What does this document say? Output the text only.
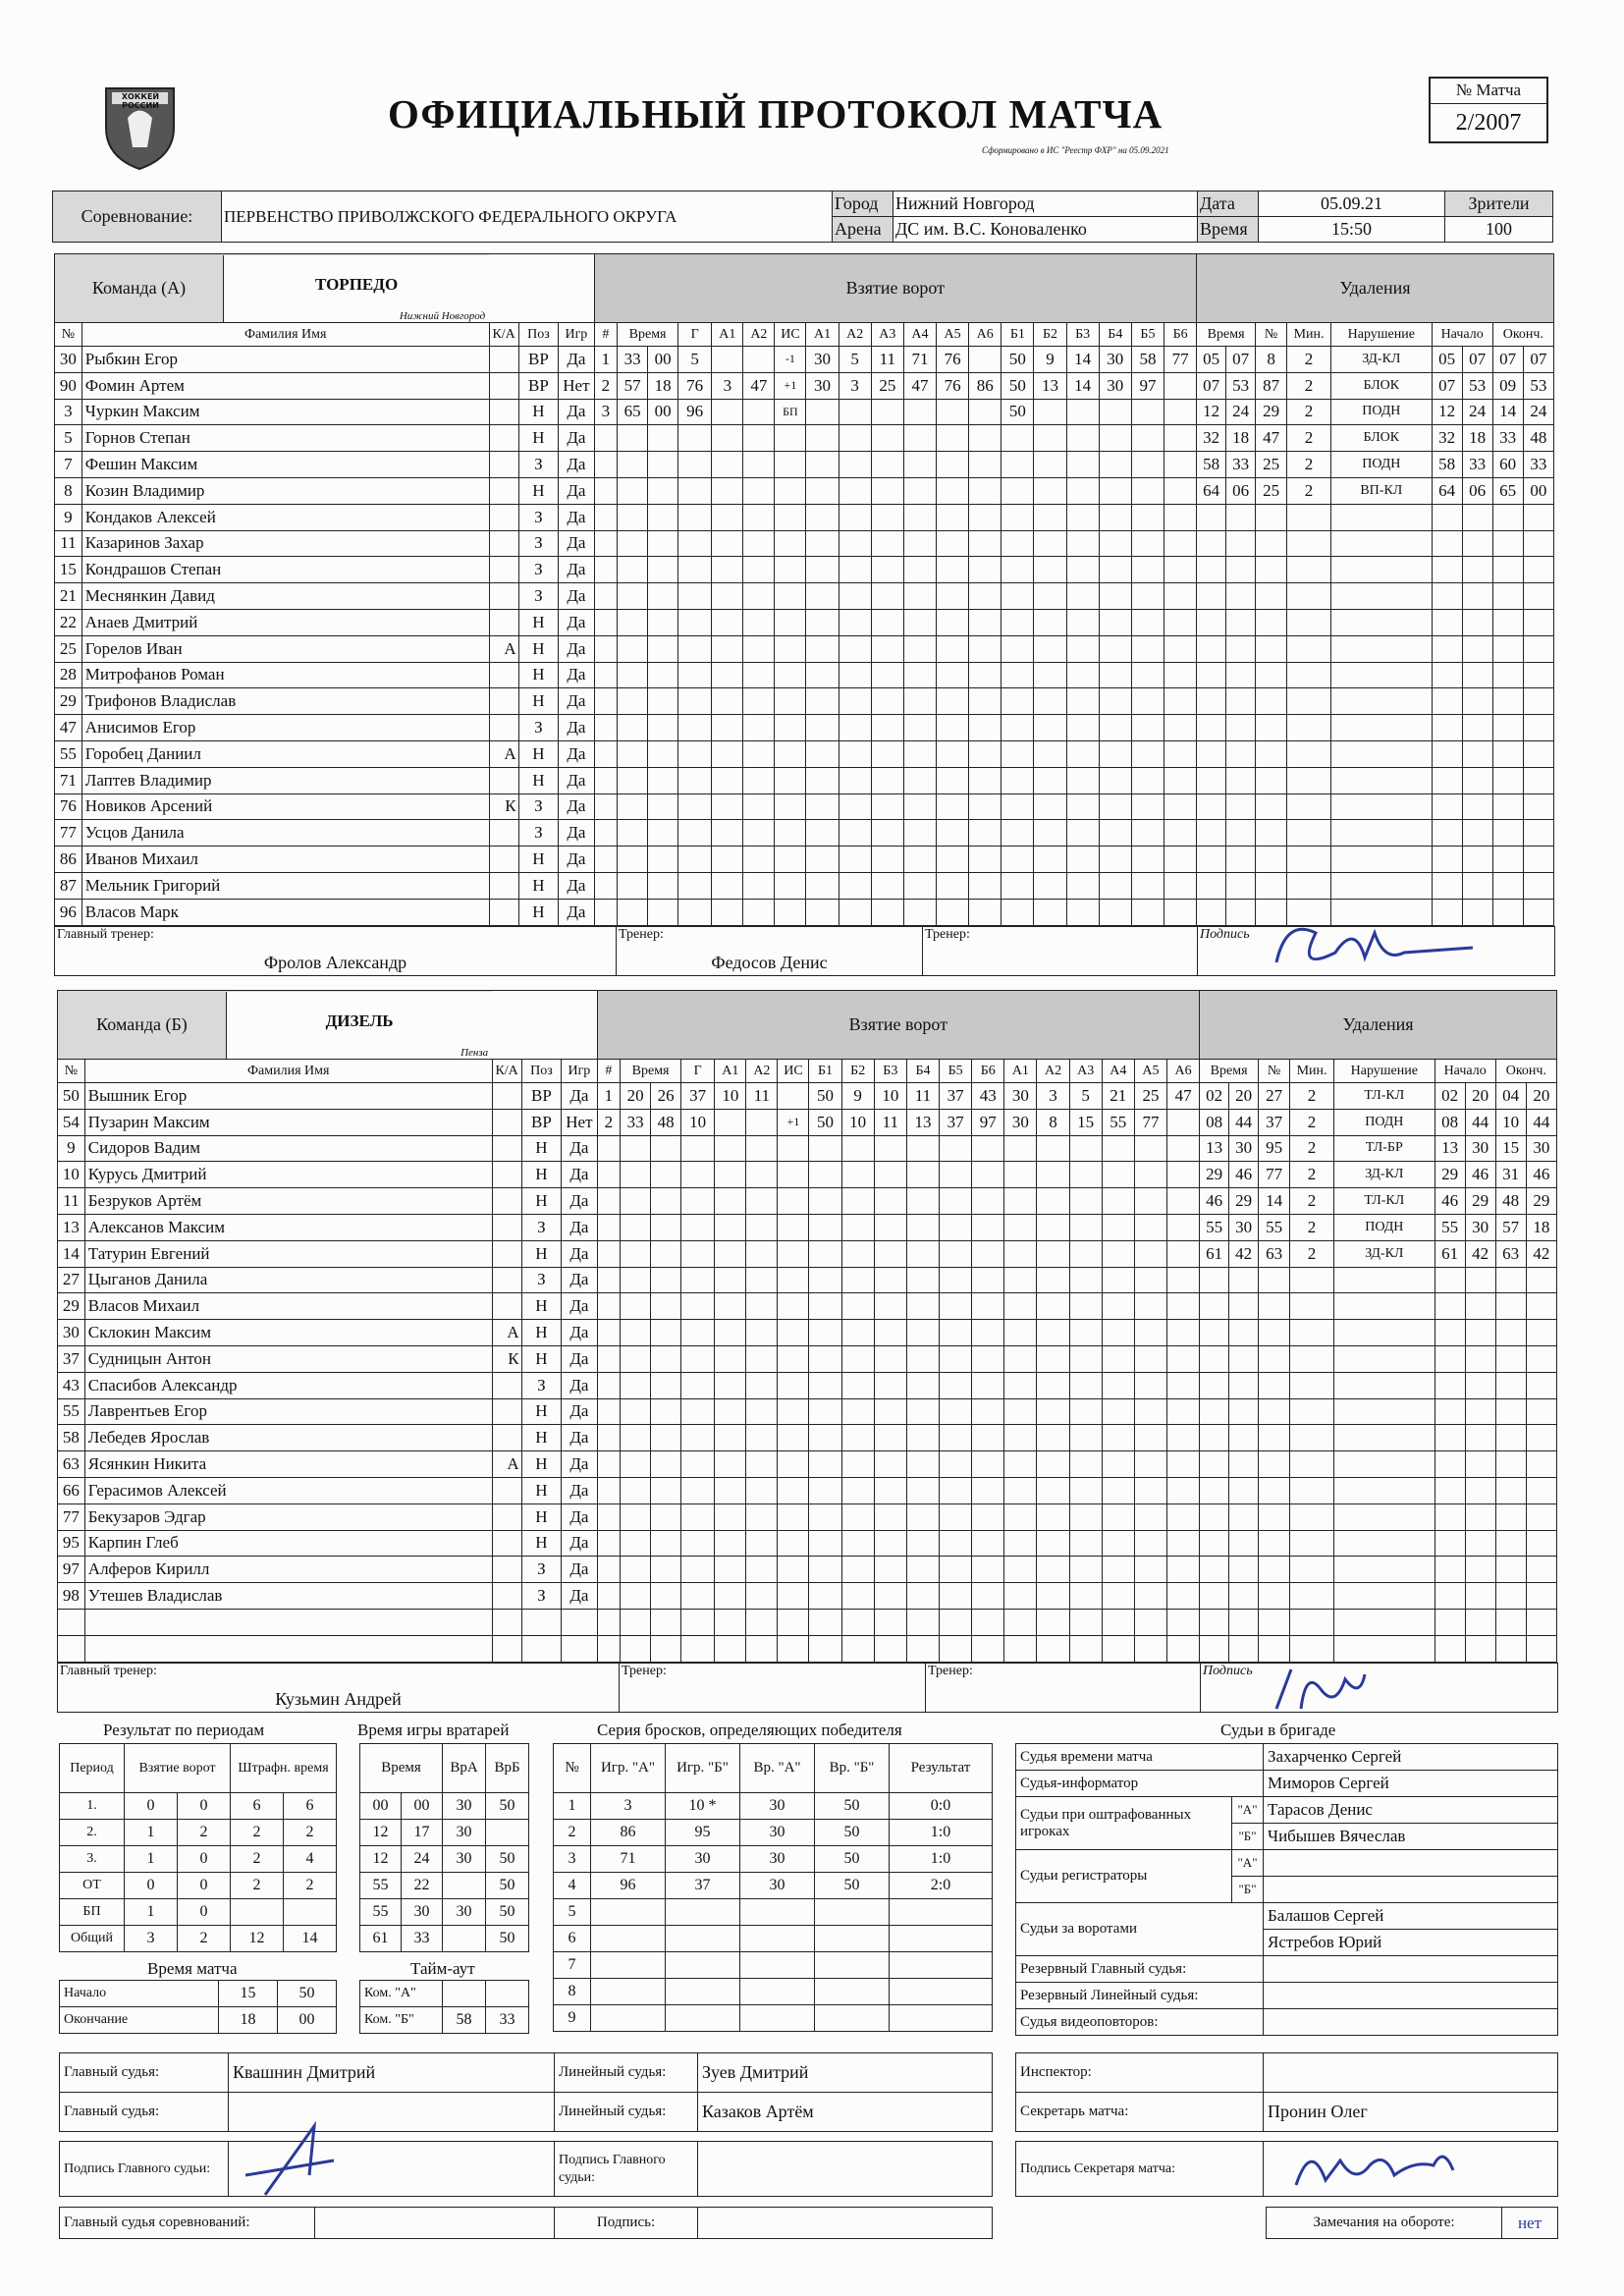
ХОККЕЙ РОССИИ	ОФИЦИАЛЬНЫЙ ПРОТОКОЛ МАТЧА
Сформировано в ИС "Реестр ФХР" на 05.09.2021
№ Матча
2/2007
Соревнование:	ПЕРВЕНСТВО ПРИВОЛЖСКОГО ФЕДЕРАЛЬНОГО ОКРУГА	Город	Нижний Новгород	Дата	05.09.21	Зрители
		Арена	ДС им. В.С. Коноваленко	Время	15:50	100
Команда (А) ТОРПЕДО
Нижний Новгород					Взятие ворот																			Удаления								
№	Фамилия Имя	К/А	Поз	Игр	#	Время		Г	А1	А2	ИС	А1	А2	А3	А4	А5	А6	Б1	Б2	Б3	Б4	Б5	Б6	Время		№	Мин.	Нарушение	Начало		Оконч.	
30	Рыбкин Егор		ВР	Да	1	33	00	5			-1	30	5	11	71	76		50	9	14	30	58	77	05	07	8	2	ЗД-КЛ	05	07	07	07
90	Фомин Артем		ВР	Нет	2	57	18	76	3	47	+1	30	3	25	47	76	86	50	13	14	30	97		07	53	87	2	БЛОК	07	53	09	53
3	Чуркин Максим		Н	Да	3	65	00	96			БП							50						12	24	29	2	ПОДН	12	24	14	24
5	Горнов Степан		Н	Да																				32	18	47	2	БЛОК	32	18	33	48
7	Фешин Максим		З	Да																				58	33	25	2	ПОДН	58	33	60	33
8	Козин Владимир		Н	Да																				64	06	25	2	ВП-КЛ	64	06	65	00
9	Кондаков Алексей		З	Да																												
11	Казаринов Захар		З	Да																												
15	Кондрашов Степан		З	Да																												
21	Меснянкин Давид		З	Да																												
22	Анаев Дмитрий		Н	Да																												
25	Горелов Иван	А	Н	Да																												
28	Митрофанов Роман		Н	Да																												
29	Трифонов Владислав		Н	Да																												
47	Анисимов Егор		З	Да																												
55	Горобец Даниил	А	Н	Да																												
71	Лаптев Владимир		Н	Да																												
76	Новиков Арсений	К	З	Да																												
77	Усцов Данила		З	Да																												
86	Иванов Михаил		Н	Да																												
87	Мельник Григорий		Н	Да																												
96	Власов Марк		Н	Да																												
Главный тренер:
Фролов Александр

Тренер:
Федосов Денис

Тренер:	Подпись
Команда (Б) ДИЗЕЛЬ
Пенза					Взятие ворот																			Удаления								
№	Фамилия Имя	К/А	Поз	Игр	#	Время		Г	А1	А2	ИС	Б1	Б2	Б3	Б4	Б5	Б6	А1	А2	А3	А4	А5	А6	Время		№	Мин.	Нарушение	Начало		Оконч.	
50	Вышник Егор		ВР	Да	1	20	26	37	10	11		50	9	10	11	37	43	30	3	5	21	25	47	02	20	27	2	ТЛ-КЛ	02	20	04	20
54	Пузарин Максим		ВР	Нет	2	33	48	10			+1	50	10	11	13	37	97	30	8	15	55	77		08	44	37	2	ПОДН	08	44	10	44
9	Сидоров Вадим		Н	Да																				13	30	95	2	ТЛ-БР	13	30	15	30
10	Курусь Дмитрий		Н	Да																				29	46	77	2	ЗД-КЛ	29	46	31	46
11	Безруков Артём		Н	Да																				46	29	14	2	ТЛ-КЛ	46	29	48	29
13	Алексанов Максим		З	Да																				55	30	55	2	ПОДН	55	30	57	18
14	Татурин Евгений		Н	Да																				61	42	63	2	ЗД-КЛ	61	42	63	42
27	Цыганов Данила		З	Да																												
29	Власов Михаил		Н	Да																												
30	Склокин Максим	А	Н	Да																												
37	Судницын Антон	К	Н	Да																												
43	Спасибов Александр		З	Да																												
55	Лаврентьев Егор		Н	Да																												
58	Лебедев Ярослав		Н	Да																												
63	Ясянкин Никита	А	Н	Да																												
66	Герасимов Алексей		Н	Да																												
77	Бекузаров Эдгар		Н	Да																												
95	Карпин Глеб		Н	Да																												
97	Алферов Кирилл		З	Да																												
98	Утешев Владислав		З	Да																												

Главный тренер:
Кузьмин Андрей

Тренер:	Тренер:	Подпись
Результат по периодам
Период	Взятие ворот		Штрафн. время	
1.	0	0	6	6
2.	1	2	2	2
3.	1	0	2	4
ОТ	0	0	2	2
БП	1	0		
Общий	3	2	12	14
Время матча
Начало	15	50
Окончание	18	00
Время игры вратарей
Время		ВрА	ВрБ
00	00	30	50
12	17	30	
12	24	30	50
55	22		50
55	30	30	50
61	33		50
Тайм-аут
Ком. "А"		
Ком. "Б"	58	33
Серия бросков, определяющих победителя
№	Игр. "А"	Игр. "Б"	Вр. "А"	Вр. "Б"	Результат
1	3	10 *	30	50	0:0
2	86	95	30	50	1:0
3	71	30	30	50	1:0
4	96	37	30	50	2:0
5					
6					
7					
8					
9					
Судьи в бригаде
Судья времени матча		Захарченко Сергей
Судья-информатор		Миморов Сергей
Судьи при оштрафованных игроках	"А"	Тарасов Денис
	"Б"	Чибышев Вячеслав
Судьи регистраторы	"А"	
	"Б"	
Судьи за воротами		Балашов Сергей
		Ястребов Юрий
Резервный Главный судья:		
Резервный Линейный судья:		
Судья видеоповторов:		
Главный судья:	Квашнин Дмитрий	Линейный судья:	Зуев Дмитрий
Главный судья:		Линейный судья:	Казаков Артём
Инспектор:	
Секретарь матча:	Пронин Олег
Подпись Главного судьи:		Подпись Главного судьи:	
Подпись Секретаря матча:	
Главный судья соревнований:		Подпись:		Замечания на обороте:	нет
